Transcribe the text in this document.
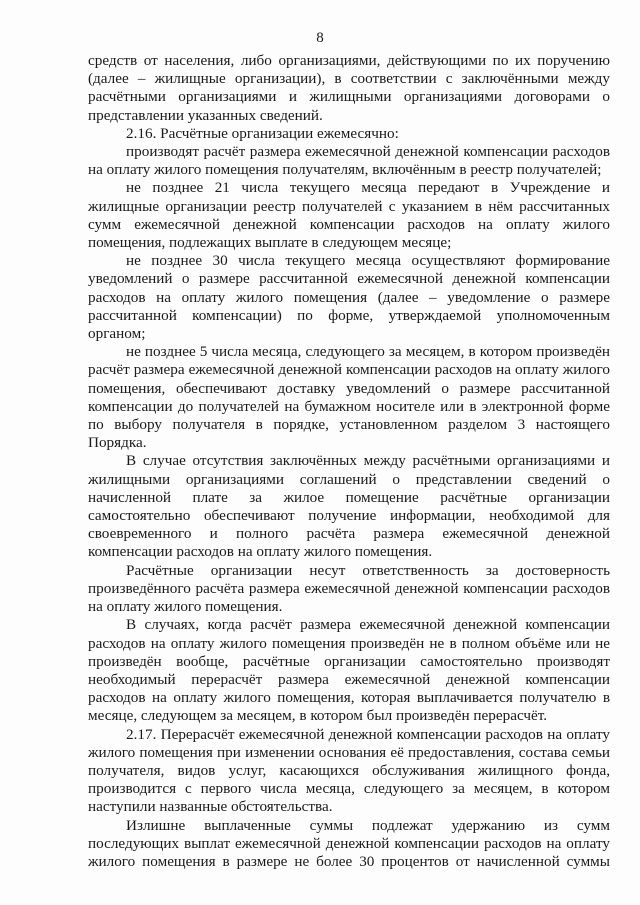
8

средств от населения, либо организациями, действующими по их поручению (далее – жилищные организации), в соответствии с заключёнными между расчётными организациями и жилищными организациями договорами о представлении указанных сведений.

2.16. Расчётные организации ежемесячно:

производят расчёт размера ежемесячной денежной компенсации расходов на оплату жилого помещения получателям, включённым в реестр получателей;

не позднее 21 числа текущего месяца передают в Учреждение и жилищные организации реестр получателей с указанием в нём рассчитанных сумм ежемесячной денежной компенсации расходов на оплату жилого помещения, подлежащих выплате в следующем месяце;

не позднее 30 числа текущего месяца осуществляют формирование уведомлений о размере рассчитанной ежемесячной денежной компенсации расходов на оплату жилого помещения (далее – уведомление о размере рассчитанной компенсации) по форме, утверждаемой уполномоченным органом;

не позднее 5 числа месяца, следующего за месяцем, в котором произведён расчёт размера ежемесячной денежной компенсации расходов на оплату жилого помещения, обеспечивают доставку уведомлений о размере рассчитанной компенсации до получателей на бумажном носителе или в электронной форме по выбору получателя в порядке, установленном разделом 3 настоящего Порядка.

В случае отсутствия заключённых между расчётными организациями и жилищными организациями соглашений о представлении сведений о начисленной плате за жилое помещение расчётные организации самостоятельно обеспечивают получение информации, необходимой для своевременного и полного расчёта размера ежемесячной денежной компенсации расходов на оплату жилого помещения.

Расчётные организации несут ответственность за достоверность произведённого расчёта размера ежемесячной денежной компенсации расходов на оплату жилого помещения.

В случаях, когда расчёт размера ежемесячной денежной компенсации расходов на оплату жилого помещения произведён не в полном объёме или не произведён вообще, расчётные организации самостоятельно производят необходимый перерасчёт размера ежемесячной денежной компенсации расходов на оплату жилого помещения, которая выплачивается получателю в месяце, следующем за месяцем, в котором был произведён перерасчёт.

2.17. Перерасчёт ежемесячной денежной компенсации расходов на оплату жилого помещения при изменении основания её предоставления, состава семьи получателя, видов услуг, касающихся обслуживания жилищного фонда, производится с первого числа месяца, следующего за месяцем, в котором наступили названные обстоятельства.

Излишне выплаченные суммы подлежат удержанию из сумм последующих выплат ежемесячной денежной компенсации расходов на оплату жилого помещения в размере не более 30 процентов от начисленной суммы
